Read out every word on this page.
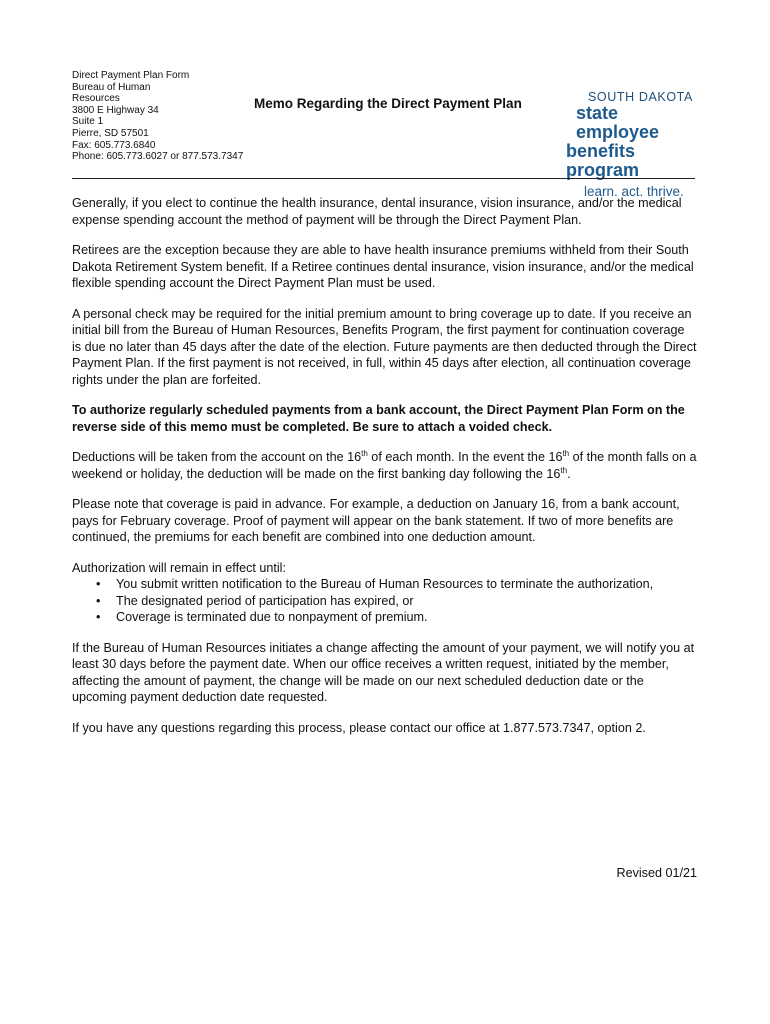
Direct Payment Plan Form
Bureau of Human
Resources
3800 E Highway 34
Suite 1
Pierre, SD 57501
Fax: 605.773.6840
Phone: 605.773.6027 or 877.573.7347
Memo Regarding the Direct Payment Plan	SOUTH DAKOTA
state employee
benefits program
learn. act. thrive.

Generally, if you elect to continue the health insurance, dental insurance, vision insurance, and/or the medical expense spending account the method of payment will be through the Direct Payment Plan.

Retirees are the exception because they are able to have health insurance premiums withheld from their South Dakota Retirement System benefit. If a Retiree continues dental insurance, vision insurance, and/or the medical flexible spending account the Direct Payment Plan must be used.

A personal check may be required for the initial premium amount to bring coverage up to date. If you receive an initial bill from the Bureau of Human Resources, Benefits Program, the first payment for continuation coverage is due no later than 45 days after the date of the election. Future payments are then deducted through the Direct Payment Plan. If the first payment is not received, in full, within 45 days after election, all continuation coverage rights under the plan are forfeited.

To authorize regularly scheduled payments from a bank account, the Direct Payment Plan Form on the reverse side of this memo must be completed. Be sure to attach a voided check.

Deductions will be taken from the account on the 16th of each month. In the event the 16th of the month falls on a weekend or holiday, the deduction will be made on the first banking day following the 16th.

Please note that coverage is paid in advance. For example, a deduction on January 16, from a bank account, pays for February coverage. Proof of payment will appear on the bank statement. If two of more benefits are continued, the premiums for each benefit are combined into one deduction amount.

Authorization will remain in effect until:

• You submit written notification to the Bureau of Human Resources to terminate the authorization,
• The designated period of participation has expired, or
• Coverage is terminated due to nonpayment of premium.

If the Bureau of Human Resources initiates a change affecting the amount of your payment, we will notify you at least 30 days before the payment date. When our office receives a written request, initiated by the member, affecting the amount of payment, the change will be made on our next scheduled deduction date or the upcoming payment deduction date requested.

If you have any questions regarding this process, please contact our office at 1.877.573.7347, option 2.

Revised 01/21
